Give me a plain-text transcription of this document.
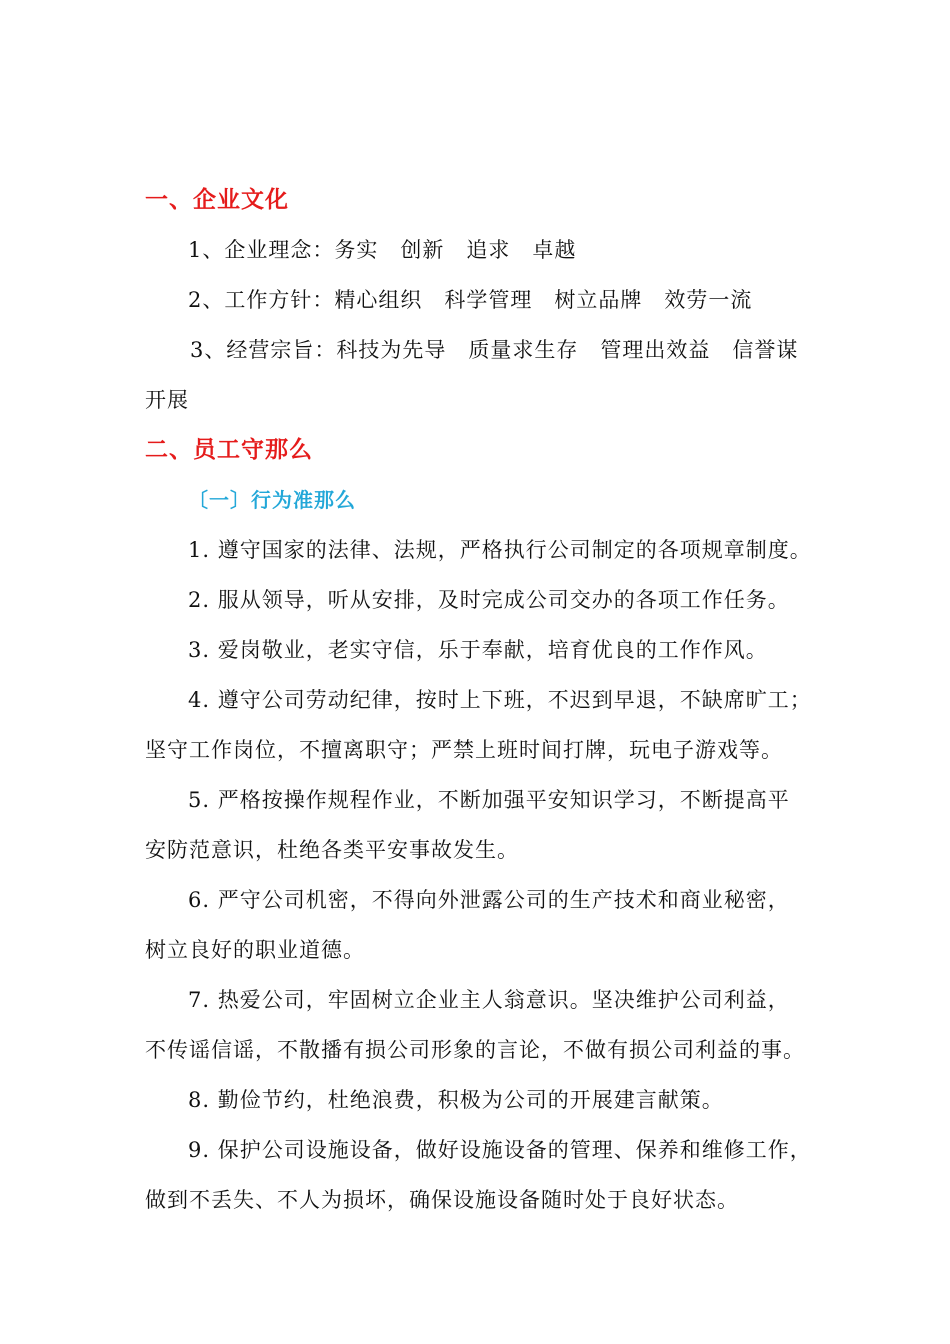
一、企业文化
1、企业理念：务实　创新　追求　卓越
2、工作方针：精心组织　科学管理　树立品牌　效劳一流
3、经营宗旨：科技为先导　质量求生存　管理出效益　信誉谋
开展
二、员工守那么
〔一〕行为准那么
1. 遵守国家的法律、法规，严格执行公司制定的各项规章制度。
2. 服从领导，听从安排，及时完成公司交办的各项工作任务。
3. 爱岗敬业，老实守信，乐于奉献，培育优良的工作作风。
4. 遵守公司劳动纪律，按时上下班，不迟到早退，不缺席旷工；
坚守工作岗位，不擅离职守；严禁上班时间打牌，玩电子游戏等。
5. 严格按操作规程作业，不断加强平安知识学习，不断提高平
安防范意识，杜绝各类平安事故发生。
6. 严守公司机密，不得向外泄露公司的生产技术和商业秘密，
树立良好的职业道德。
7. 热爱公司，牢固树立企业主人翁意识。坚决维护公司利益，
不传谣信谣，不散播有损公司形象的言论，不做有损公司利益的事。
8. 勤俭节约，杜绝浪费，积极为公司的开展建言献策。
9. 保护公司设施设备，做好设施设备的管理、保养和维修工作，
做到不丢失、不人为损坏，确保设施设备随时处于良好状态。
